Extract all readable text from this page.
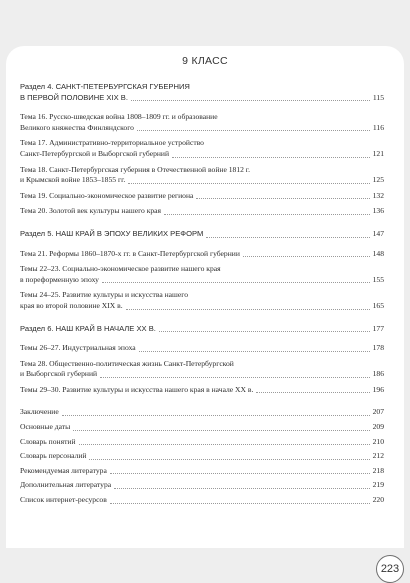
9 КЛАСС
Раздел 4. САНКТ-ПЕТЕРБУРГСКАЯ ГУБЕРНИЯ
В ПЕРВОЙ ПОЛОВИНЕ XIX В.	115
Тема 16. Русско-шведская война 1808–1809 гг. и образование
Великого княжества Финляндского	116
Тема 17. Административно-территориальное устройство
Санкт-Петербургской и Выборгской губерний	121
Тема 18. Санкт-Петербургская губерния в Отечественной войне 1812 г.
и Крымской войне 1853–1855 гг.	125
Тема 19. Социально-экономическое развитие региона	132
Тема 20. Золотой век культуры нашего края	136
Раздел 5. НАШ КРАЙ В ЭПОХУ ВЕЛИКИХ РЕФОРМ	147
Тема 21. Реформы 1860–1870-х гг. в Санкт-Петербургской губернии	148
Темы 22–23. Социально-экономическое развитие нашего края
в пореформенную эпоху	155
Темы 24–25. Развитие культуры и искусства нашего
края во второй половине XIX в.	165
Раздел 6. НАШ КРАЙ В НАЧАЛЕ XX В.	177
Темы 26–27. Индустриальная эпоха	178
Тема 28. Общественно-политическая жизнь Санкт-Петербургской
и Выборгской губерний	186
Темы 29–30. Развитие культуры и искусства нашего края в начале XX в.	196
Заключение	207
Основные даты	209
Словарь понятий	210
Словарь персоналий	212
Рекомендуемая литература	218
Дополнительная литература	219
Список интернет-ресурсов	220
223
